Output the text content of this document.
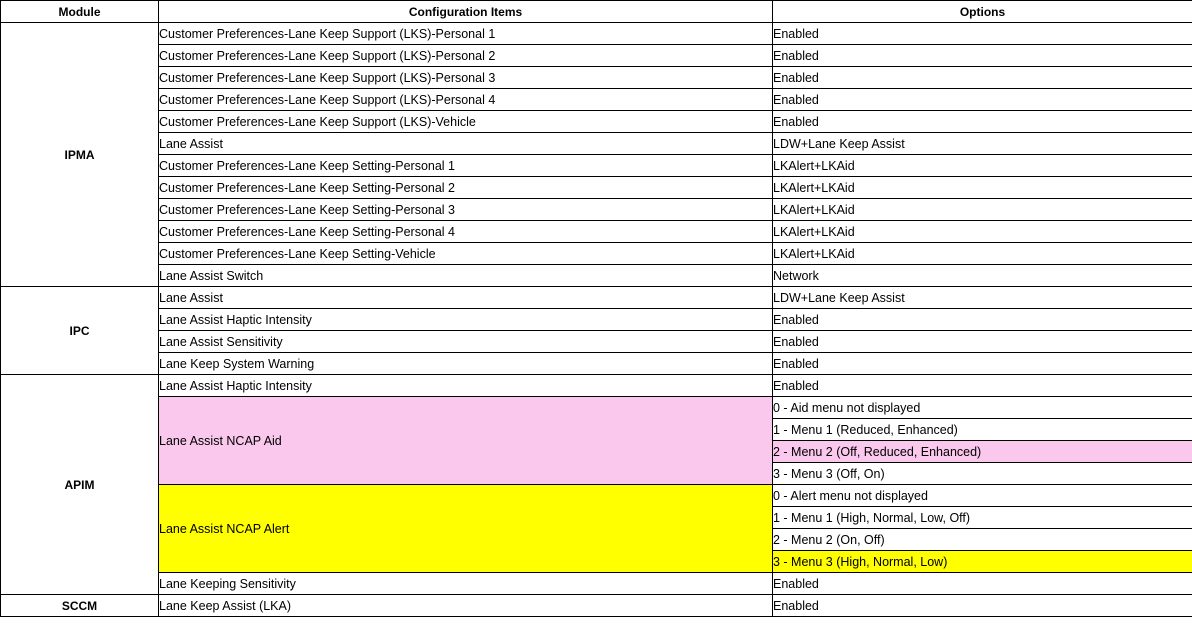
Module	Configuration Items	Options
IPMA	Customer Preferences-Lane Keep Support (LKS)-Personal 1	Enabled
	Customer Preferences-Lane Keep Support (LKS)-Personal 2	Enabled
	Customer Preferences-Lane Keep Support (LKS)-Personal 3	Enabled
	Customer Preferences-Lane Keep Support (LKS)-Personal 4	Enabled
	Customer Preferences-Lane Keep Support (LKS)-Vehicle	Enabled
	Lane Assist	LDW+Lane Keep Assist
	Customer Preferences-Lane Keep Setting-Personal 1	LKAlert+LKAid
	Customer Preferences-Lane Keep Setting-Personal 2	LKAlert+LKAid
	Customer Preferences-Lane Keep Setting-Personal 3	LKAlert+LKAid
	Customer Preferences-Lane Keep Setting-Personal 4	LKAlert+LKAid
	Customer Preferences-Lane Keep Setting-Vehicle	LKAlert+LKAid
	Lane Assist Switch	Network
IPC	Lane Assist	LDW+Lane Keep Assist
	Lane Assist Haptic Intensity	Enabled
	Lane Assist Sensitivity	Enabled
	Lane Keep System Warning	Enabled
APIM	Lane Assist Haptic Intensity	Enabled
	Lane Assist NCAP Aid	0 - Aid menu not displayed
		1 - Menu 1 (Reduced, Enhanced)
		2 - Menu 2 (Off, Reduced, Enhanced)
		3 - Menu 3 (Off, On)
	Lane Assist NCAP Alert	0 - Alert menu not displayed
		1 - Menu 1 (High, Normal, Low, Off)
		2 - Menu 2 (On, Off)
		3 - Menu 3 (High, Normal, Low)
	Lane Keeping Sensitivity	Enabled
SCCM	Lane Keep Assist (LKA)	Enabled
